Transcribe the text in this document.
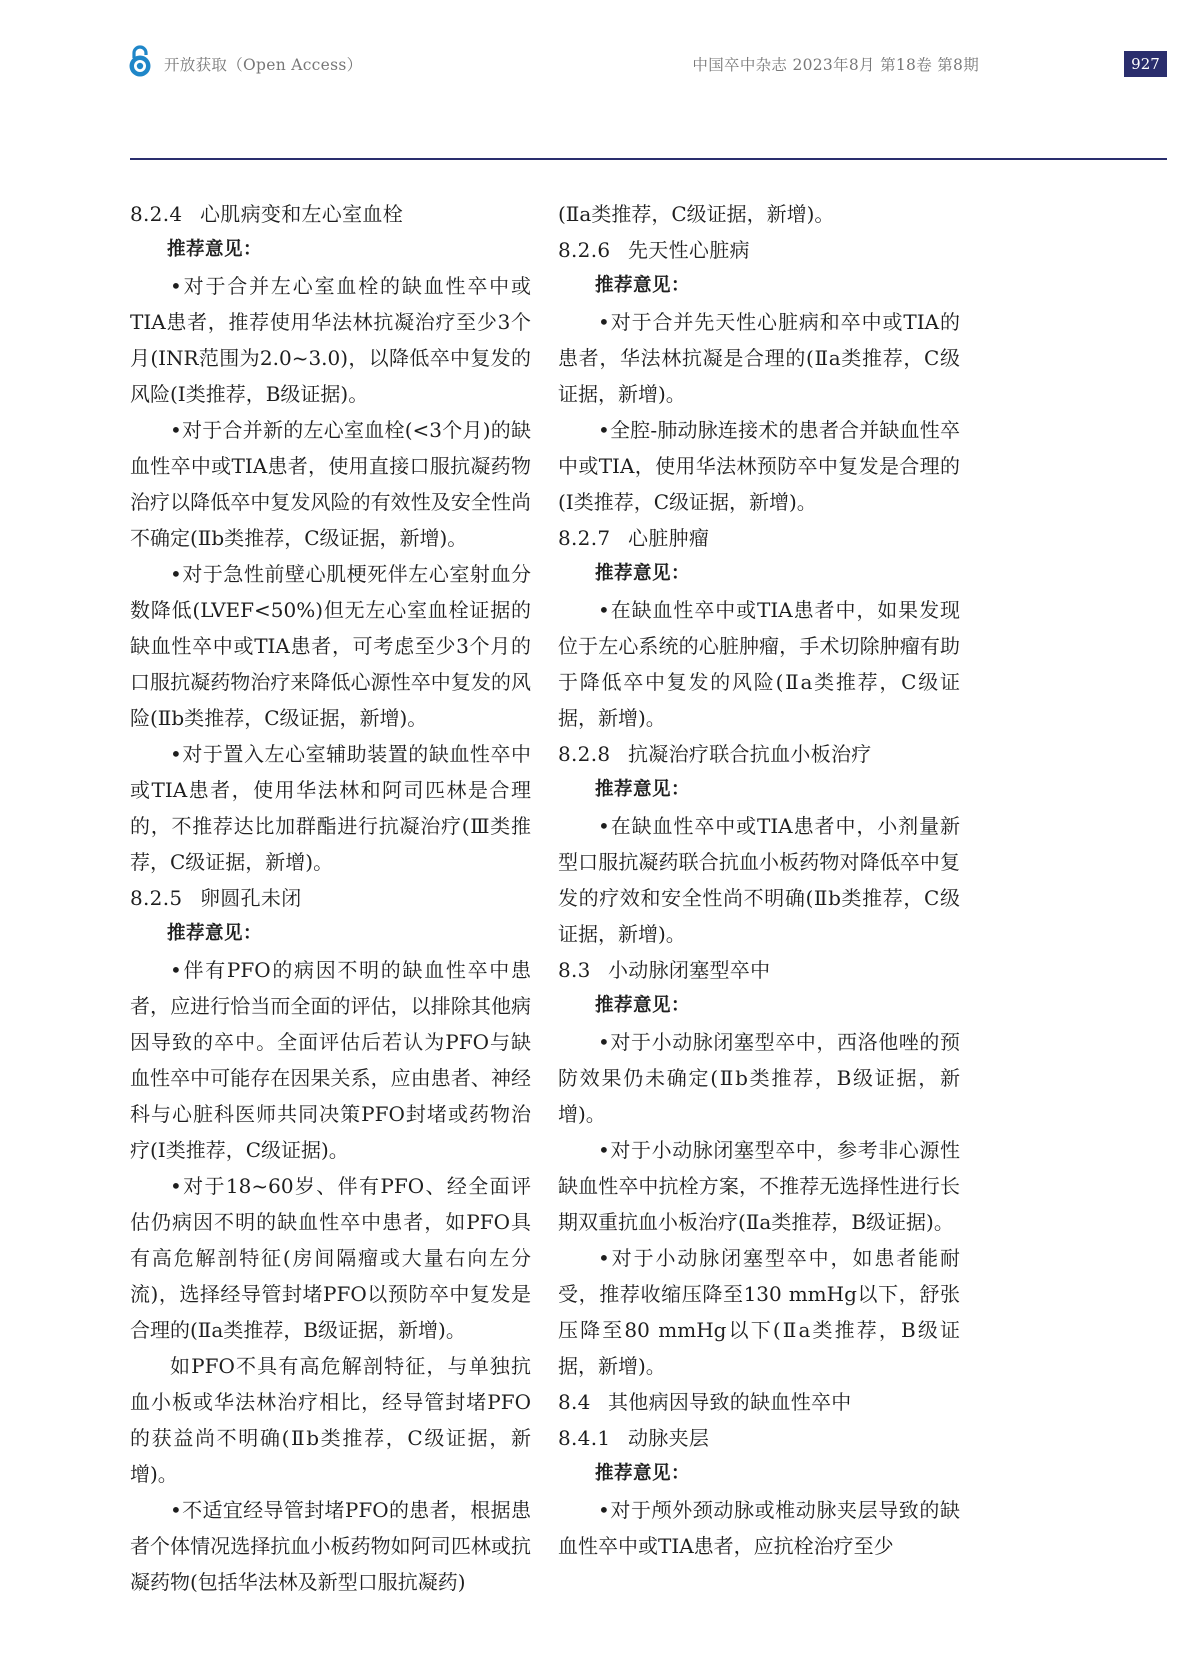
开放获取（Open Access）	中国卒中杂志 2023年8月 第18卷 第8期	927

8.2.4 心肌病变和左心室血栓

推荐意见：

•对于合并左心室血栓的缺血性卒中或TIA患者，推荐使用华法林抗凝治疗至少3个月(INR范围为2.0~3.0)，以降低卒中复发的风险(Ⅰ类推荐，B级证据)。

•对于合并新的左心室血栓(<3个月)的缺血性卒中或TIA患者，使用直接口服抗凝药物治疗以降低卒中复发风险的有效性及安全性尚不确定(Ⅱb类推荐，C级证据，新增)。

•对于急性前壁心肌梗死伴左心室射血分数降低(LVEF<50%)但无左心室血栓证据的缺血性卒中或TIA患者，可考虑至少3个月的口服抗凝药物治疗来降低心源性卒中复发的风险(Ⅱb类推荐，C级证据，新增)。

•对于置入左心室辅助装置的缺血性卒中或TIA患者，使用华法林和阿司匹林是合理的，不推荐达比加群酯进行抗凝治疗(Ⅲ类推荐，C级证据，新增)。

8.2.5 卵圆孔未闭

推荐意见：

•伴有PFO的病因不明的缺血性卒中患者，应进行恰当而全面的评估，以排除其他病因导致的卒中。全面评估后若认为PFO与缺血性卒中可能存在因果关系，应由患者、神经科与心脏科医师共同决策PFO封堵或药物治疗(Ⅰ类推荐，C级证据)。

•对于18~60岁、伴有PFO、经全面评估仍病因不明的缺血性卒中患者，如PFO具有高危解剖特征(房间隔瘤或大量右向左分流)，选择经导管封堵PFO以预防卒中复发是合理的(Ⅱa类推荐，B级证据，新增)。

如PFO不具有高危解剖特征，与单独抗血小板或华法林治疗相比，经导管封堵PFO的获益尚不明确(Ⅱb类推荐，C级证据，新增)。

•不适宜经导管封堵PFO的患者，根据患者个体情况选择抗血小板药物如阿司匹林或抗凝药物(包括华法林及新型口服抗凝药)

(Ⅱa类推荐，C级证据，新增)。

8.2.6 先天性心脏病

推荐意见：

•对于合并先天性心脏病和卒中或TIA的患者，华法林抗凝是合理的(Ⅱa类推荐，C级证据，新增)。

•全腔-肺动脉连接术的患者合并缺血性卒中或TIA，使用华法林预防卒中复发是合理的(Ⅰ类推荐，C级证据，新增)。

8.2.7 心脏肿瘤

推荐意见：

•在缺血性卒中或TIA患者中，如果发现位于左心系统的心脏肿瘤，手术切除肿瘤有助于降低卒中复发的风险(Ⅱa类推荐，C级证据，新增)。

8.2.8 抗凝治疗联合抗血小板治疗

推荐意见：

•在缺血性卒中或TIA患者中，小剂量新型口服抗凝药联合抗血小板药物对降低卒中复发的疗效和安全性尚不明确(Ⅱb类推荐，C级证据，新增)。

8.3 小动脉闭塞型卒中

推荐意见：

•对于小动脉闭塞型卒中，西洛他唑的预防效果仍未确定(Ⅱb类推荐，B级证据，新增)。

•对于小动脉闭塞型卒中，参考非心源性缺血性卒中抗栓方案，不推荐无选择性进行长期双重抗血小板治疗(Ⅱa类推荐，B级证据)。

•对于小动脉闭塞型卒中，如患者能耐受，推荐收缩压降至130 mmHg以下，舒张压降至80 mmHg以下(Ⅱa类推荐，B级证据，新增)。

8.4 其他病因导致的缺血性卒中

8.4.1 动脉夹层

推荐意见：

•对于颅外颈动脉或椎动脉夹层导致的缺血性卒中或TIA患者，应抗栓治疗至少
